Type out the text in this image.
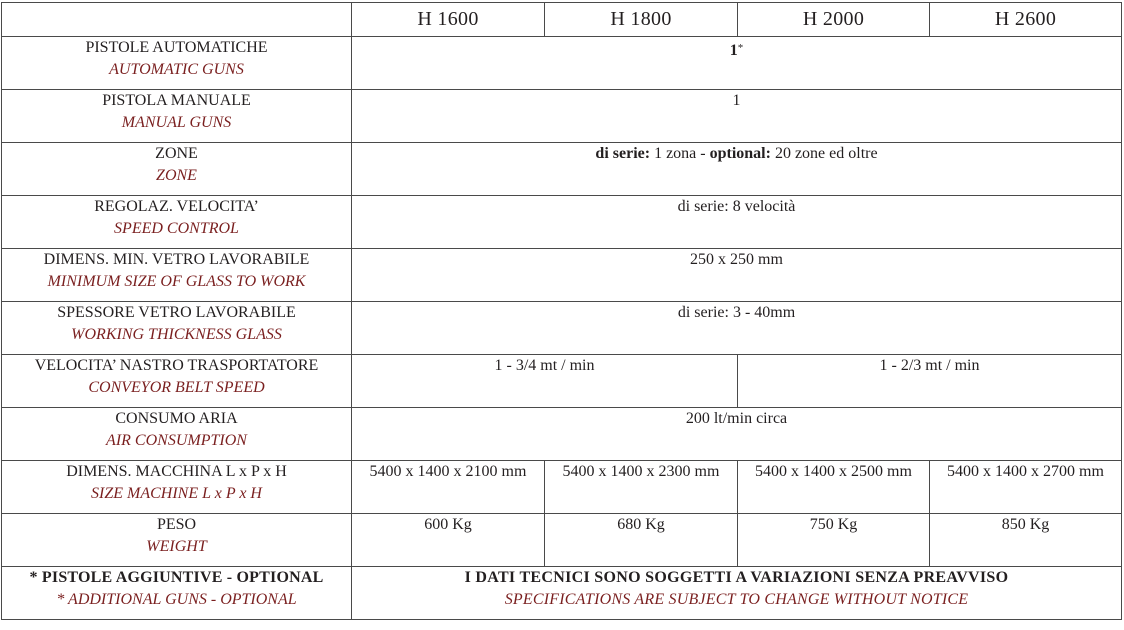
	H 1600	H 1800	H 2000	H 2600

PISTOLE AUTOMATICHE
AUTOMATIC GUNS	1*

PISTOLA MANUALE
MANUAL GUNS	1			

ZONE
ZONE	di serie: 1 zona - optional: 20 zone ed oltre			

REGOLAZ. VELOCITA’
SPEED CONTROL	di serie: 8 velocità			

DIMENS. MIN. VETRO LAVORABILE
MINIMUM SIZE OF GLASS TO WORK	250 x 250 mm			

SPESSORE VETRO LAVORABILE
WORKING THICKNESS GLASS	di serie: 3 - 40mm			

VELOCITA’ NASTRO TRASPORTATORE
CONVEYOR BELT SPEED	1 - 3/4 mt / min		1 - 2/3 mt / min	

CONSUMO ARIA
AIR CONSUMPTION	200 lt/min circa			

DIMENS. MACCHINA L x P x H
SIZE MACHINE L x P x H	5400 x 1400 x 2100 mm	5400 x 1400 x 2300 mm	5400 x 1400 x 2500 mm	5400 x 1400 x 2700 mm

PESO
WEIGHT	600 Kg	680 Kg	750 Kg	850 Kg

* PISTOLE AGGIUNTIVE - OPTIONAL
* ADDITIONAL GUNS - OPTIONAL	I DATI TECNICI SONO SOGGETTI A VARIAZIONI SENZA PREAVVISO
SPECIFICATIONS ARE SUBJECT TO CHANGE WITHOUT NOTICE			
